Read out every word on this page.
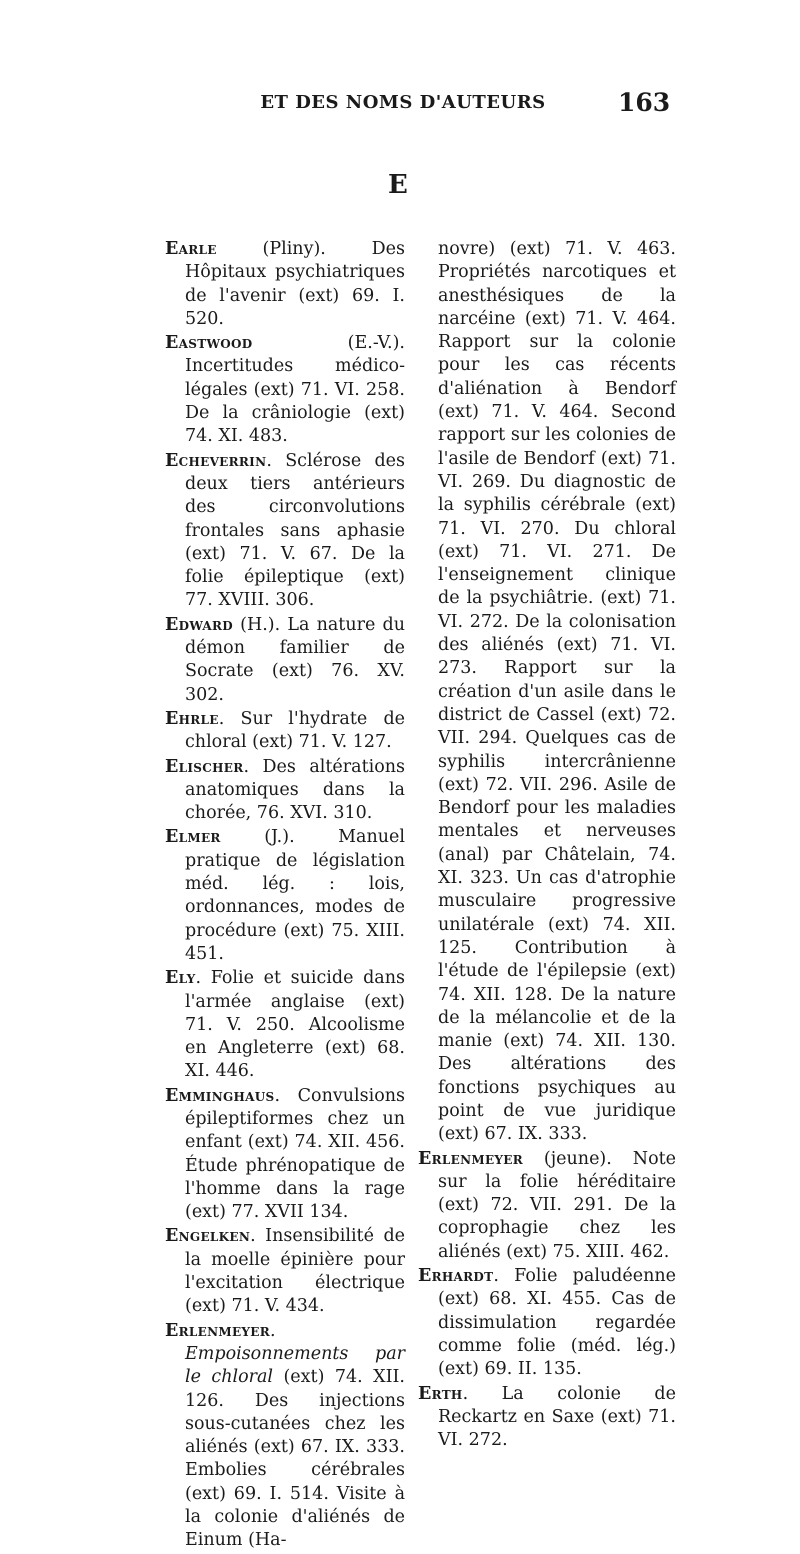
ET DES NOMS D'AUTEURS	163
E

Earle (Pliny). Des Hôpitaux psychiatriques de l'avenir (ext) 69. I. 520.

Eastwood (E.-V.). Incertitudes médico-légales (ext) 71. VI. 258. De la crâniologie (ext) 74. XI. 483.

Echeverrin. Sclérose des deux tiers antérieurs des circonvolutions frontales sans aphasie (ext) 71. V. 67. De la folie épileptique (ext) 77. XVIII. 306.

Edward (H.). La nature du démon familier de Socrate (ext) 76. XV. 302.

Ehrle. Sur l'hydrate de chloral (ext) 71. V. 127.

Elischer. Des altérations anatomiques dans la chorée, 76. XVI. 310.

Elmer (J.). Manuel pratique de législation méd. lég. : lois, ordonnances, modes de procédure (ext) 75. XIII. 451.

Ely. Folie et suicide dans l'armée anglaise (ext) 71. V. 250. Alcoolisme en Angleterre (ext) 68. XI. 446.

Emminghaus. Convulsions épileptiformes chez un enfant (ext) 74. XII. 456. Étude phrénopatique de l'homme dans la rage (ext) 77. XVII 134.

Engelken. Insensibilité de la moelle épinière pour l'excitation électrique (ext) 71. V. 434.

Erlenmeyer. Empoisonnements par le chloral (ext) 74. XII. 126. Des injections sous-cutanées chez les aliénés (ext) 67. IX. 333. Embolies cérébrales (ext) 69. I. 514. Visite à la colonie d'aliénés de Einum (Ha-

novre) (ext) 71. V. 463. Propriétés narcotiques et anesthésiques de la narcéine (ext) 71. V. 464. Rapport sur la colonie pour les cas récents d'aliénation à Bendorf (ext) 71. V. 464. Second rapport sur les colonies de l'asile de Bendorf (ext) 71. VI. 269. Du diagnostic de la syphilis cérébrale (ext) 71. VI. 270. Du chloral (ext) 71. VI. 271. De l'enseignement clinique de la psychiâtrie. (ext) 71. VI. 272. De la colonisation des aliénés (ext) 71. VI. 273. Rapport sur la création d'un asile dans le district de Cassel (ext) 72. VII. 294. Quelques cas de syphilis intercrânienne (ext) 72. VII. 296. Asile de Bendorf pour les maladies mentales et nerveuses (anal) par Châtelain, 74. XI. 323. Un cas d'atrophie musculaire progressive unilatérale (ext) 74. XII. 125. Contribution à l'étude de l'épilepsie (ext) 74. XII. 128. De la nature de la mélancolie et de la manie (ext) 74. XII. 130. Des altérations des fonctions psychiques au point de vue juridique (ext) 67. IX. 333.

Erlenmeyer (jeune). Note sur la folie héréditaire (ext) 72. VII. 291. De la coprophagie chez les aliénés (ext) 75. XIII. 462.

Erhardt. Folie paludéenne (ext) 68. XI. 455. Cas de dissimulation regardée comme folie (méd. lég.) (ext) 69. II. 135.

Erth. La colonie de Reckartz en Saxe (ext) 71. VI. 272.
